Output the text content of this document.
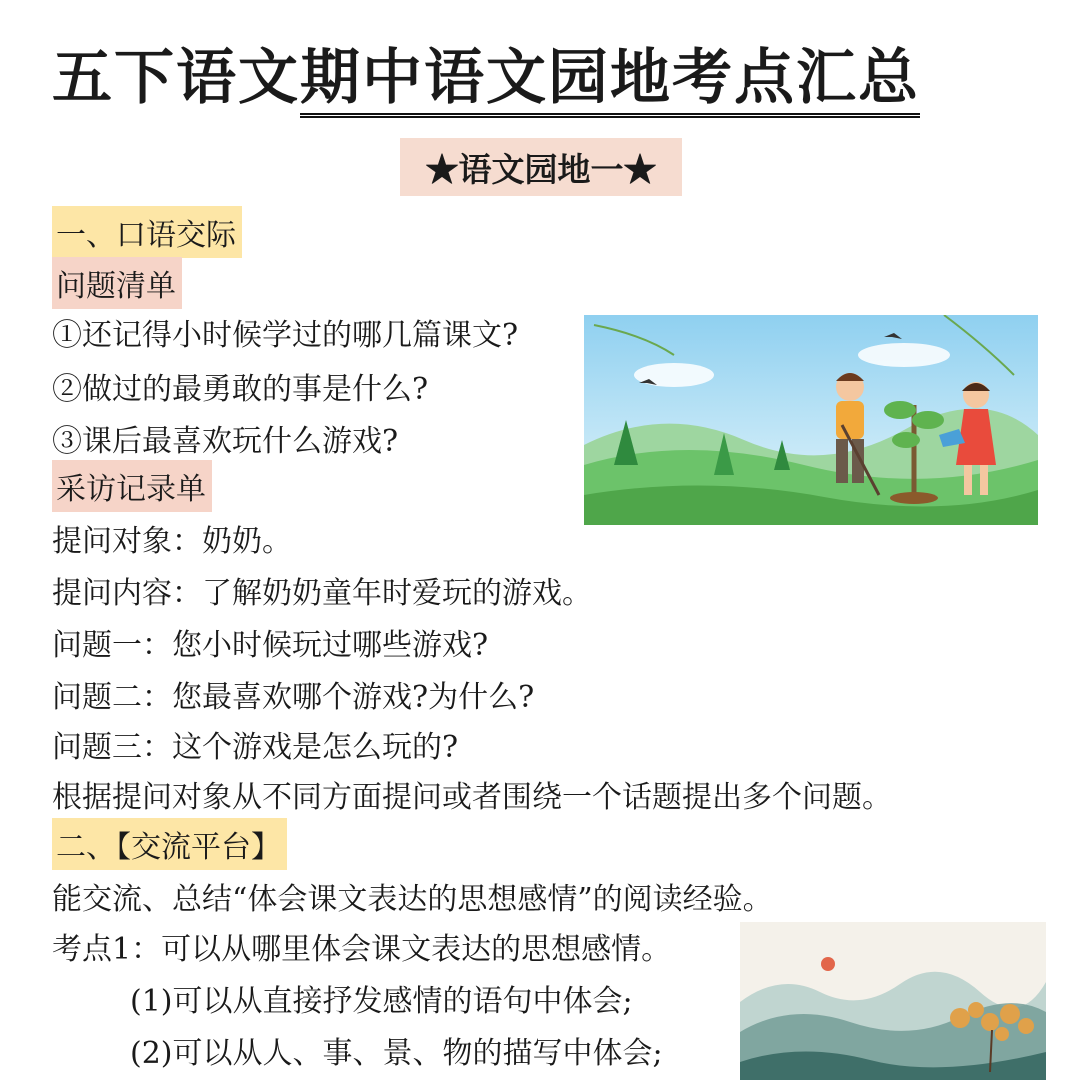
五下语文期中语文园地考点汇总
★语文园地一★
一、口语交际
问题清单
①还记得小时候学过的哪几篇课文?
②做过的最勇敢的事是什么?
③课后最喜欢玩什么游戏?
采访记录单
提问对象：奶奶。
提问内容：了解奶奶童年时爱玩的游戏。
问题一：您小时候玩过哪些游戏?
问题二：您最喜欢哪个游戏?为什么?
问题三：这个游戏是怎么玩的?
根据提问对象从不同方面提问或者围绕一个话题提出多个问题。
二、【交流平台】
能交流、总结“体会课文表达的思想感情”的阅读经验。
考点1：可以从哪里体会课文表达的思想感情。
(1)可以从直接抒发感情的语句中体会;
(2)可以从人、事、景、物的描写中体会;
